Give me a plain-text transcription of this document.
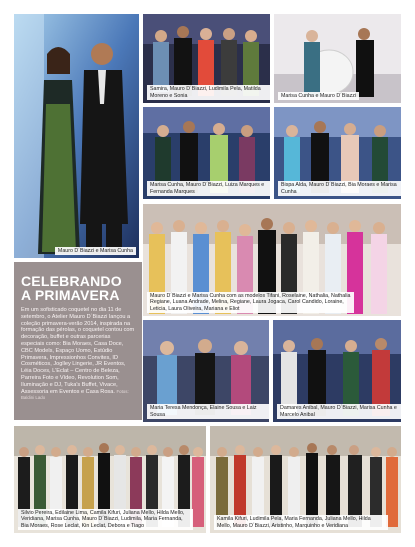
Mauro D´Biazzi e Marisa Cunha
Samira, Mauro D´Biazzi, Ludimila Pela, Matilda Moreno e Sonia	Marisa Cunha e Mauro D´Biazzi
Marisa Cunha, Mauro D´Biazzi, Luiza Marques e Fernanda Marques
Bispa Alda, Mauro D´Biazzi, Bia Moraes e Marisa Cunha
Mauro D´Biazzi e Marisa Cunha com as modelos Tifani, Roselaine, Nathalia, Nathalia Regiane, Luana Andrade, Melina, Regiane, Laura Jogaca, Carol Candido, Loraine, Leticia, Laura Oliveira, Mariana e Eliot
CELEBRANDO
A PRIMAVERA
Em um sofisticado coquetel no dia 11 de setembro, o Atelier Mauro D´Biazzi lançou a coleção primavera-verão 2014, inspirada na formação das pérolas, o coquetel contou com decoração, buffet e outras parcerias especiais como: Bia Moraes, Casa Doce, CBC Models, Espaço Uomo, Estúdio Primavera, Impressionhos Convites, ID Cosméticos, Joglley Lingerie, JR Eventos, Léia Doces, L'Eclat – Centro de Beleza, Parreira Foto e Vídeo, Revolution Som, Iluminação e DJ, Tuka's Buffet, Vivace, Assessoria em Eventos e Casa Rosa. Fotos: Baldini Lado
Maria Teresa Mendonça, Elaine Sousa e Laiz Sousa
Damares Anibal, Mauro D´Biazzi, Marisa Cunha e Marcelo Anibal
Silvio Pereira, Edilaine Lima, Camila Kifuri, Juliana Mello, Hilda Mello, Veridiana, Marisa Cunha, Mauro D´Biazzi, Ludimila, Maria Fernanda, Bia Moraes, Rose Leclat, Kin Leclat, Debora e Tiago
Kamila Kifuri, Ludimila Pela, Maria Fernanda, Juliana Mello, Hilda Mello, Mauro D´Biazzi, Aristinho, Marquinho e Veridiana
